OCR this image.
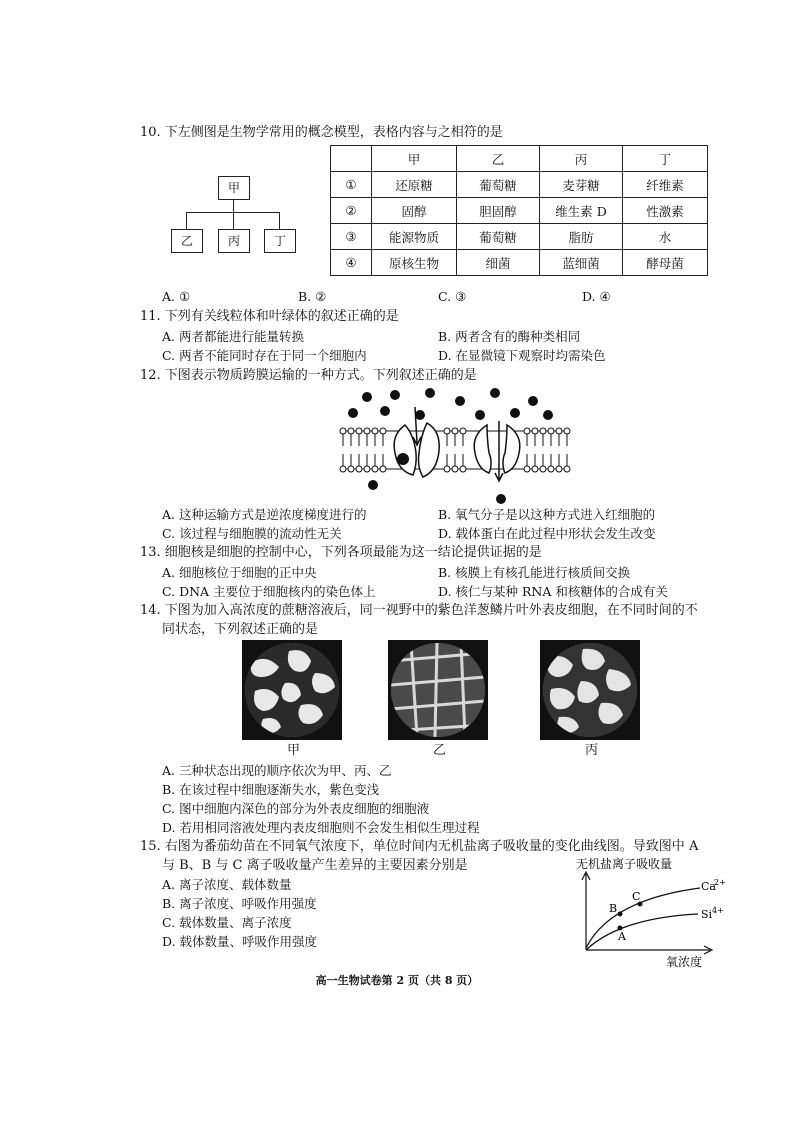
10. 下左侧图是生物学常用的概念模型，表格内容与之相符的是
甲
乙	丙	丁
	甲	乙	丙	丁
①	还原糖	葡萄糖	麦芽糖	纤维素
②	固醇	胆固醇	维生素 D	性激素
③	能源物质	葡萄糖	脂肪	水
④	原核生物	细菌	蓝细菌	酵母菌
A. ①	B. ②	C. ③	D. ④
11. 下列有关线粒体和叶绿体的叙述正确的是
A. 两者都能进行能量转换	B. 两者含有的酶种类相同
C. 两者不能同时存在于同一个细胞内	D. 在显微镜下观察时均需染色
12. 下图表示物质跨膜运输的一种方式。下列叙述正确的是
A. 这种运输方式是逆浓度梯度进行的	B. 氧气分子是以这种方式进入红细胞的
C. 该过程与细胞膜的流动性无关	D. 载体蛋白在此过程中形状会发生改变
13. 细胞核是细胞的控制中心，下列各项最能为这一结论提供证据的是
A. 细胞核位于细胞的正中央	B. 核膜上有核孔能进行核质间交换
C. DNA 主要位于细胞核内的染色体上	D. 核仁与某种 RNA 和核糖体的合成有关
14. 下图为加入高浓度的蔗糖溶液后，同一视野中的紫色洋葱鳞片叶外表皮细胞，在不同时间的不
同状态，下列叙述正确的是
甲	乙	丙
A. 三种状态出现的顺序依次为甲、丙、乙
B. 在该过程中细胞逐渐失水，紫色变浅
C. 图中细胞内深色的部分为外表皮细胞的细胞液
D. 若用相同溶液处理内表皮细胞则不会发生相似生理过程
15. 右图为番茄幼苗在不同氧气浓度下，单位时间内无机盐离子吸收量的变化曲线图。导致图中 A
与 B、B 与 C 离子吸收量产生差异的主要因素分别是
A. 离子浓度、载体数量
B. 离子浓度、呼吸作用强度
C. 载体数量、离子浓度
D. 载体数量、呼吸作用强度
无机盐离子吸收量
氧浓度
B
C
A
Ca
2+
Si 4+
高一生物试卷第 2 页（共 8 页）
